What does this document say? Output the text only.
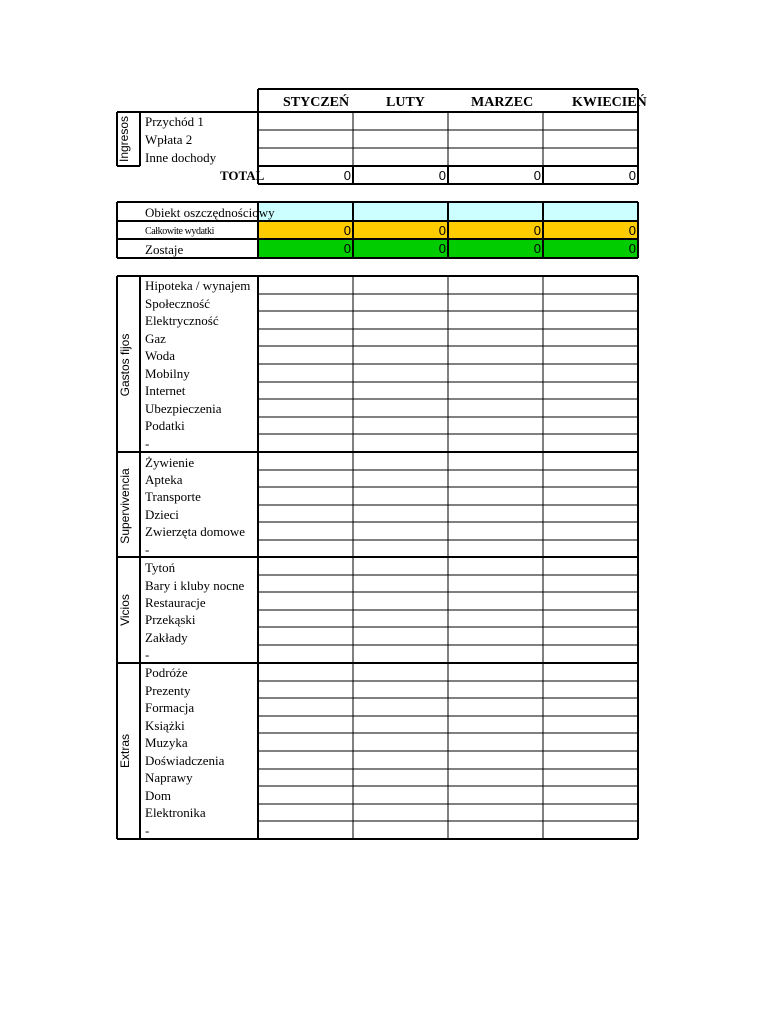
STYCZEŃ	LUTY	MARZEC	KWIECIEŃ
Ingresos Przychód 1
Wpłata 2
Inne dochody
TOTAL	0	0	0	0
Obiekt oszczędnościowy
Całkowite wydatki	0	0	0	0
Zostaje	0	0	0	0
Gastos fijos
Hipoteka / wynajem
Społeczność
Elektryczność
Gaz
Woda
Mobilny
Internet
Ubezpieczenia
Podatki
-
Supervivencia
Żywienie
Apteka
Transporte
Dzieci
Zwierzęta domowe
-
Vicios
Tytoń
Bary i kluby nocne
Restauracje
Przekąski
Zakłady
-
Extras
Podróże
Prezenty
Formacja
Książki
Muzyka
Doświadczenia
Naprawy
Dom
Elektronika
-
